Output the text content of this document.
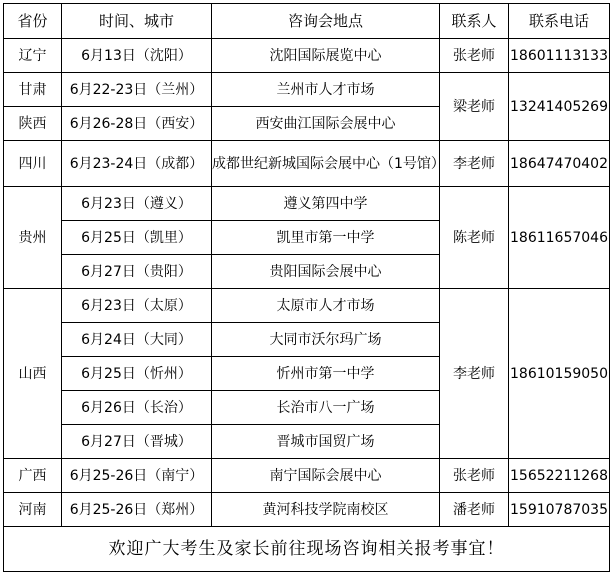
省份	时间、城市	咨询会地点	联系人	联系电话
辽宁	6月13日（沈阳）	沈阳国际展览中心	张老师	18601113133
甘肃	6月22-23日（兰州）	兰州市人才市场	梁老师	13241405269
陕西	6月26-28日（西安）	西安曲江国际会展中心		
四川	6月23-24日（成都）	成都世纪新城国际会展中心（1号馆）	李老师	18647470402
贵州	6月23日（遵义）	遵义第四中学	陈老师	18611657046
	6月25日（凯里）	凯里市第一中学		
	6月27日（贵阳）	贵阳国际会展中心		
山西	6月23日（太原）	太原市人才市场	李老师	18610159050
	6月24日（大同）	大同市沃尔玛广场		
	6月25日（忻州）	忻州市第一中学		
	6月26日（长治）	长治市八一广场		
	6月27日（晋城）	晋城市国贸广场		
广西	6月25-26日（南宁）	南宁国际会展中心	张老师	15652211268
河南	6月25-26日（郑州）	黄河科技学院南校区	潘老师	15910787035
欢迎广大考生及家长前往现场咨询相关报考事宜！				
